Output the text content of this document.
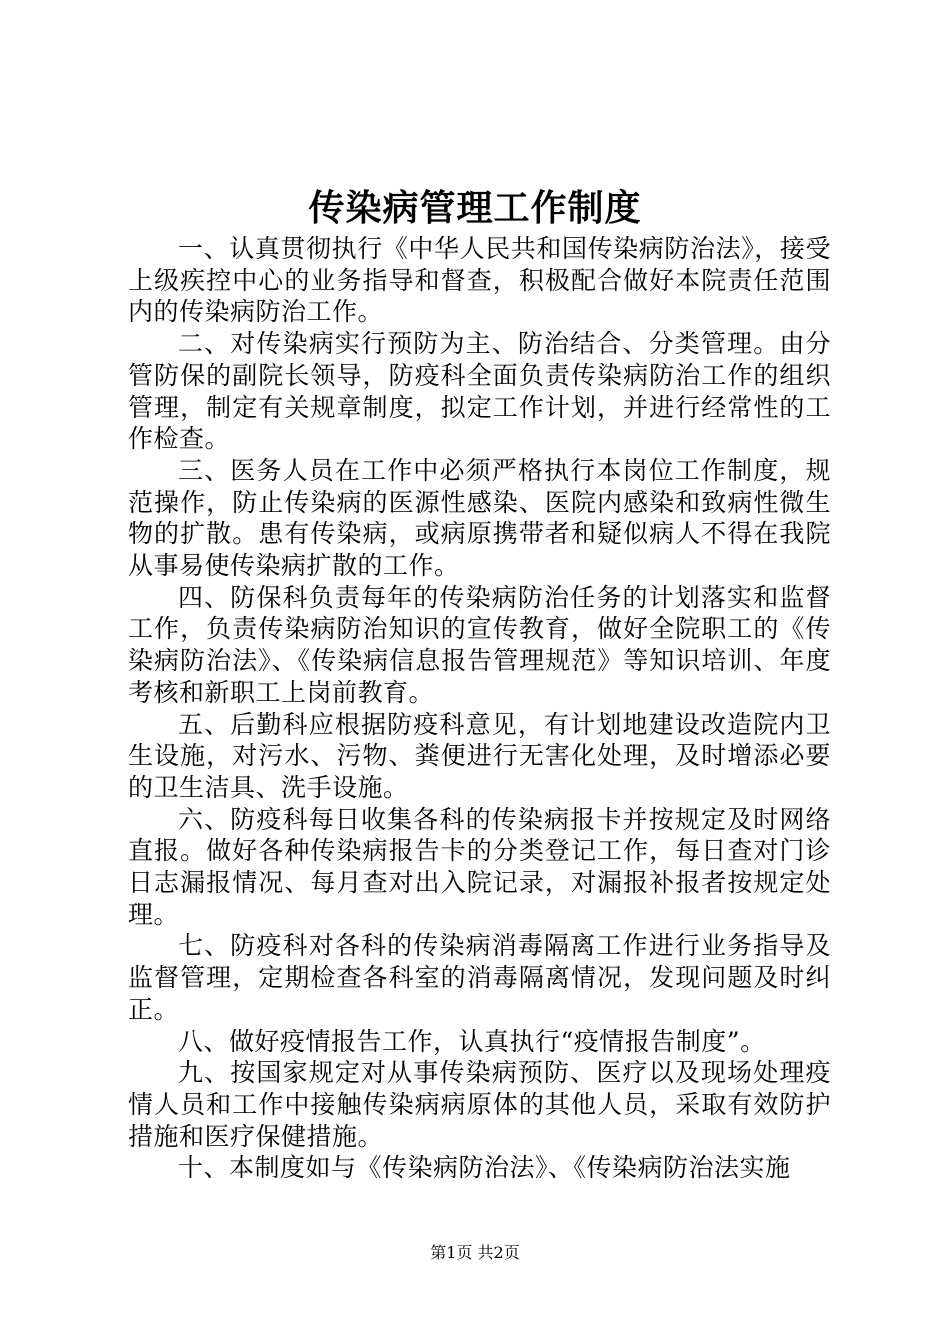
传染病管理工作制度

一、认真贯彻执行《中华人民共和国传染病防治法》，接受上级疾控中心的业务指导和督查，积极配合做好本院责任范围内的传染病防治工作。

二、对传染病实行预防为主、防治结合、分类管理。由分管防保的副院长领导，防疫科全面负责传染病防治工作的组织管理，制定有关规章制度，拟定工作计划，并进行经常性的工作检查。

三、医务人员在工作中必须严格执行本岗位工作制度，规范操作，防止传染病的医源性感染、医院内感染和致病性微生物的扩散。患有传染病，或病原携带者和疑似病人不得在我院从事易使传染病扩散的工作。

四、防保科负责每年的传染病防治任务的计划落实和监督工作，负责传染病防治知识的宣传教育，做好全院职工的《传染病防治法》、《传染病信息报告管理规范》等知识培训、年度考核和新职工上岗前教育。

五、后勤科应根据防疫科意见，有计划地建设改造院内卫生设施，对污水、污物、粪便进行无害化处理，及时增添必要的卫生洁具、洗手设施。

六、防疫科每日收集各科的传染病报卡并按规定及时网络直报。做好各种传染病报告卡的分类登记工作，每日查对门诊日志漏报情况、每月查对出入院记录，对漏报补报者按规定处理。

七、防疫科对各科的传染病消毒隔离工作进行业务指导及监督管理，定期检查各科室的消毒隔离情况，发现问题及时纠正。

八、做好疫情报告工作，认真执行“疫情报告制度”。

九、按国家规定对从事传染病预防、医疗以及现场处理疫情人员和工作中接触传染病病原体的其他人员，采取有效防护措施和医疗保健措施。

十、本制度如与《传染病防治法》、《传染病防治法实施

第1页 共2页
